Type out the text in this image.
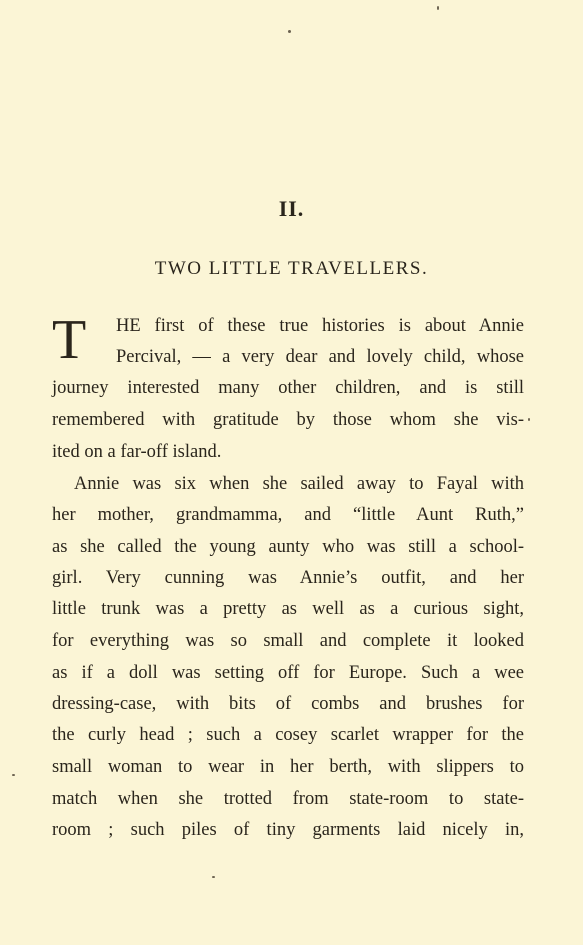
II.
TWO LITTLE TRAVELLERS.
T HE first of these true histories is about Annie
Percival, — a very dear and lovely child, whose
journey interested many other children, and is still
remembered with gratitude by those whom she vis-
ited on a far-off island.
Annie was six when she sailed away to Fayal with
her mother, grandmamma, and “little Aunt Ruth,”
as she called the young aunty who was still a school-
girl. Very cunning was Annie’s outfit, and her
little trunk was a pretty as well as a curious sight,
for everything was so small and complete it looked
as if a doll was setting off for Europe. Such a wee
dressing-case, with bits of combs and brushes for
the curly head ; such a cosey scarlet wrapper for the
small woman to wear in her berth, with slippers to
match when she trotted from state-room to state-
room ; such piles of tiny garments laid nicely in,
